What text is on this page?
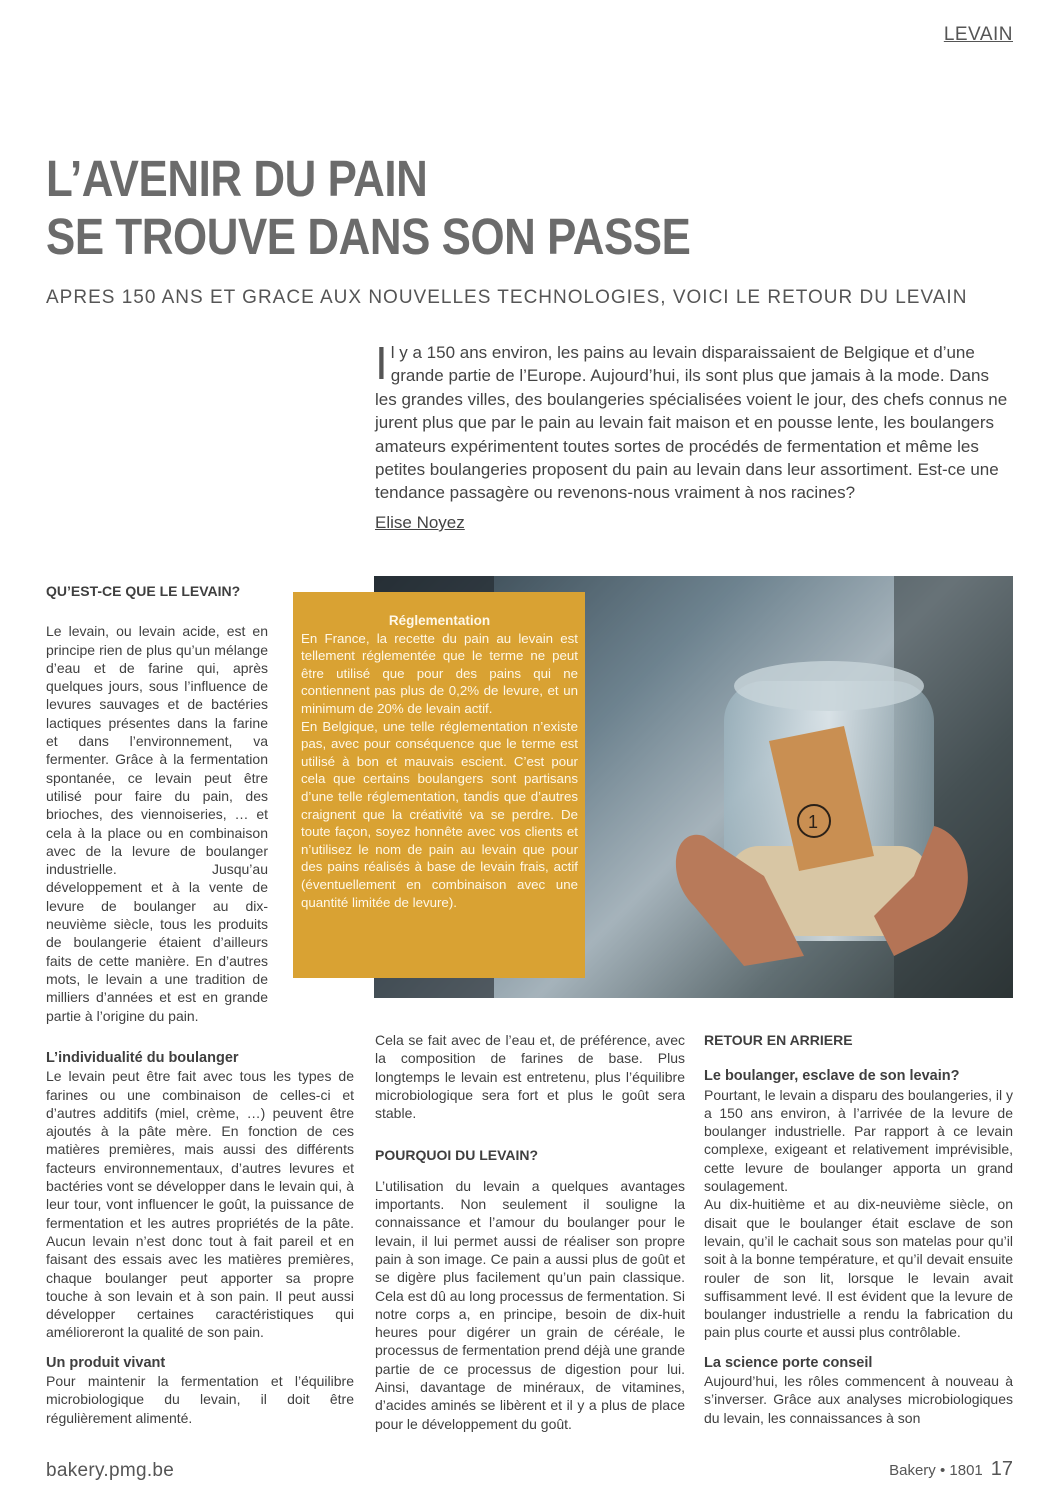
LEVAIN
L’AVENIR DU PAIN
SE TROUVE DANS SON PASSE
APRES 150 ANS ET GRACE AUX NOUVELLES TECHNOLOGIES, VOICI LE RETOUR DU LEVAIN
Il y a 150 ans environ, les pains au levain disparaissaient de Belgique et d’une grande partie de l’Europe. Aujourd’hui, ils sont plus que jamais à la mode. Dans les grandes villes, des boulangeries spécialisées voient le jour, des chefs connus ne jurent plus que par le pain au levain fait maison et en pousse lente, les boulangers amateurs expérimentent toutes sortes de procédés de fermentation et même les petites boulangeries proposent du pain au levain dans leur assortiment. Est-ce une tendance passagère ou revenons-nous vraiment à nos racines?
Elise Noyez
QU’EST-CE QUE LE LEVAIN?

Le levain, ou levain acide, est en principe rien de plus qu’un mélange d’eau et de farine qui, après quelques jours, sous l’influence de levures sauvages et de bactéries lactiques présentes dans la farine et dans l’environnement, va fermenter. Grâce à la fermentation spontanée, ce levain peut être utilisé pour faire du pain, des brioches, des viennoiseries, … et cela à la place ou en combinaison avec de la levure de boulanger industrielle. Jusqu’au développement et à la vente de levure de boulanger au dix-neuvième siècle, tous les produits de boulangerie étaient d’ailleurs faits de cette manière. En d’autres mots, le levain a une tradition de milliers d’années et est en grande partie à l’origine du pain.

L’individualité du boulanger

Le levain peut être fait avec tous les types de farines ou une combinaison de celles-ci et d’autres additifs (miel, crème, …) peuvent être ajoutés à la pâte mère. En fonction de ces matières premières, mais aussi des différents facteurs environnementaux, d’autres levures et bactéries vont se développer dans le levain qui, à leur tour, vont influencer le goût, la puissance de fermentation et les autres propriétés de la pâte. Aucun levain n’est donc tout à fait pareil et en faisant des essais avec les matières premières, chaque boulanger peut apporter sa propre touche à son levain et à son pain. Il peut aussi développer certaines caractéristiques qui amélioreront la qualité de son pain.

Un produit vivant

Pour maintenir la fermentation et l’équilibre microbiologique du levain, il doit être régulièrement alimenté.

1
Réglementation

En France, la recette du pain au levain est tellement réglementée que le terme ne peut être utilisé que pour des pains qui ne contiennent pas plus de 0,2% de levure, et un minimum de 20% de levain actif.

En Belgique, une telle réglementation n’existe pas, avec pour conséquence que le terme est utilisé à bon et mauvais escient. C’est pour cela que certains boulangers sont partisans d’une telle réglementation, tandis que d’autres craignent que la créativité va se perdre. De toute façon, soyez honnête avec vos clients et n’utilisez le nom de pain au levain que pour des pains réalisés à base de levain frais, actif (éventuellement en combinaison avec une quantité limitée de levure).

Cela se fait avec de l’eau et, de préférence, avec la composition de farines de base. Plus longtemps le levain est entretenu, plus l’équilibre microbiologique sera fort et plus le goût sera stable.

POURQUOI DU LEVAIN?

L’utilisation du levain a quelques avantages importants. Non seulement il souligne la connaissance et l’amour du boulanger pour le levain, il lui permet aussi de réaliser son propre pain à son image. Ce pain a aussi plus de goût et se digère plus facilement qu’un pain classique. Cela est dû au long processus de fermentation. Si notre corps a, en principe, besoin de dix-huit heures pour digérer un grain de céréale, le processus de fermentation prend déjà une grande partie de ce processus de digestion pour lui. Ainsi, davantage de minéraux, de vitamines, d’acides aminés se libèrent et il y a plus de place pour le développement du goût.

RETOUR EN ARRIERE
Le boulanger, esclave de son levain?

Pourtant, le levain a disparu des boulangeries, il y a 150 ans environ, à l’arrivée de la levure de boulanger industrielle. Par rapport à ce levain complexe, exigeant et relativement imprévisible, cette levure de boulanger apporta un grand soulagement.

Au dix-huitième et au dix-neuvième siècle, on disait que le boulanger était esclave de son levain, qu’il le cachait sous son matelas pour qu’il soit à la bonne température, et qu’il devait ensuite rouler de son lit, lorsque le levain avait suffisamment levé. Il est évident que la levure de boulanger industrielle a rendu la fabrication du pain plus courte et aussi plus contrôlable.

La science porte conseil

Aujourd’hui, les rôles commencent à nouveau à s’inverser. Grâce aux analyses microbiologiques du levain, les connaissances à son

bakery.pmg.be	Bakery • 1801 17
